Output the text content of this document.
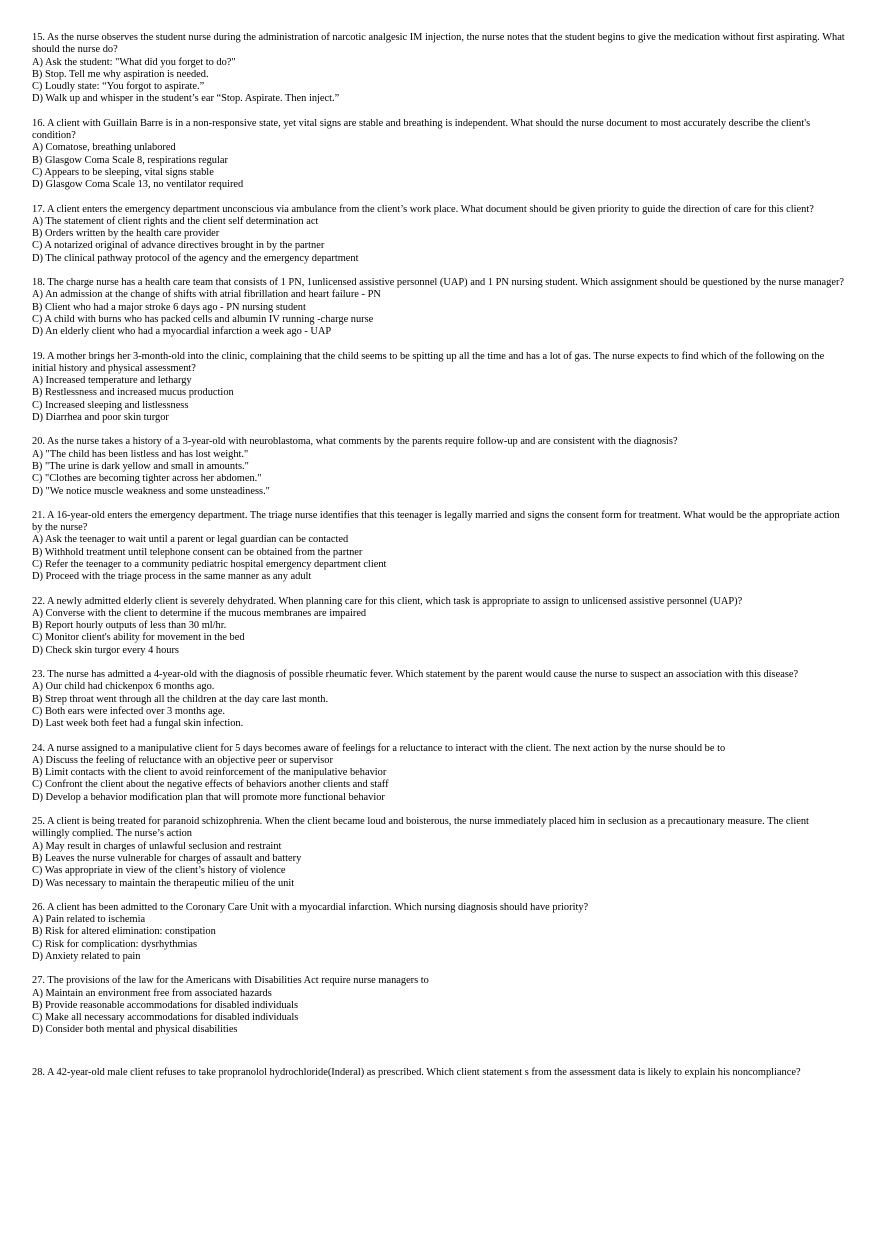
15. As the nurse observes the student nurse during the administration of narcotic analgesic IM injection, the nurse notes that the student begins to give the medication without first aspirating. What should the nurse do?

A) Ask the student: "What did you forget to do?"

B) Stop. Tell me why aspiration is needed.

C) Loudly state: “You forgot to aspirate.”

D) Walk up and whisper in the student’s ear “Stop. Aspirate. Then inject.”

16. A client with Guillain Barre is in a non-responsive state, yet vital signs are stable and breathing is independent. What should the nurse document to most accurately describe the client's condition?

A) Comatose, breathing unlabored

B) Glasgow Coma Scale 8, respirations regular

C) Appears to be sleeping, vital signs stable

D) Glasgow Coma Scale 13, no ventilator required

17. A client enters the emergency department unconscious via ambulance from the client’s work place. What document should be given priority to guide the direction of care for this client?

A) The statement of client rights and the client self determination act

B) Orders written by the health care provider

C) A notarized original of advance directives brought in by the partner

D) The clinical pathway protocol of the agency and the emergency department

18. The charge nurse has a health care team that consists of 1 PN, 1unlicensed assistive personnel (UAP) and 1 PN nursing student. Which assignment should be questioned by the nurse manager?

A) An admission at the change of shifts with atrial fibrillation and heart failure - PN

B) Client who had a major stroke 6 days ago - PN nursing student

C) A child with burns who has packed cells and albumin IV running -charge nurse

D) An elderly client who had a myocardial infarction a week ago - UAP

19. A mother brings her 3-month-old into the clinic, complaining that the child seems to be spitting up all the time and has a lot of gas. The nurse expects to find which of the following on the initial history and physical assessment?

A) Increased temperature and lethargy

B) Restlessness and increased mucus production

C) Increased sleeping and listlessness

D) Diarrhea and poor skin turgor

20. As the nurse takes a history of a 3-year-old with neuroblastoma, what comments by the parents require follow-up and are consistent with the diagnosis?

A) "The child has been listless and has lost weight."

B) "The urine is dark yellow and small in amounts."

C) "Clothes are becoming tighter across her abdomen."

D) "We notice muscle weakness and some unsteadiness."

21. A 16-year-old enters the emergency department. The triage nurse identifies that this teenager is legally married and signs the consent form for treatment. What would be the appropriate action by the nurse?

A) Ask the teenager to wait until a parent or legal guardian can be contacted

B) Withhold treatment until telephone consent can be obtained from the partner

C) Refer the teenager to a community pediatric hospital emergency department client

D) Proceed with the triage process in the same manner as any adult

22. A newly admitted elderly client is severely dehydrated. When planning care for this client, which task is appropriate to assign to unlicensed assistive personnel (UAP)?

A) Converse with the client to determine if the mucous membranes are impaired

B) Report hourly outputs of less than 30 ml/hr.

C) Monitor client's ability for movement in the bed

D) Check skin turgor every 4 hours

23. The nurse has admitted a 4-year-old with the diagnosis of possible rheumatic fever. Which statement by the parent would cause the nurse to suspect an association with this disease?

A) Our child had chickenpox 6 months ago.

B) Strep throat went through all the children at the day care last month.

C) Both ears were infected over 3 months age.

D) Last week both feet had a fungal skin infection.

24. A nurse assigned to a manipulative client for 5 days becomes aware of feelings for a reluctance to interact with the client. The next action by the nurse should be to

A) Discuss the feeling of reluctance with an objective peer or supervisor

B) Limit contacts with the client to avoid reinforcement of the manipulative behavior

C) Confront the client about the negative effects of behaviors another clients and staff

D) Develop a behavior modification plan that will promote more functional behavior

25. A client is being treated for paranoid schizophrenia. When the client became loud and boisterous, the nurse immediately placed him in seclusion as a precautionary measure. The client willingly complied. The nurse’s action

A) May result in charges of unlawful seclusion and restraint

B) Leaves the nurse vulnerable for charges of assault and battery

C) Was appropriate in view of the client’s history of violence

D) Was necessary to maintain the therapeutic milieu of the unit

26. A client has been admitted to the Coronary Care Unit with a myocardial infarction. Which nursing diagnosis should have priority?

A) Pain related to ischemia

B) Risk for altered elimination: constipation

C) Risk for complication: dysrhythmias

D) Anxiety related to pain

27. The provisions of the law for the Americans with Disabilities Act require nurse managers to

A) Maintain an environment free from associated hazards

B) Provide reasonable accommodations for disabled individuals

C) Make all necessary accommodations for disabled individuals

D) Consider both mental and physical disabilities

28. A 42-year-old male client refuses to take propranolol hydrochloride(Inderal) as prescribed. Which client statement s from the assessment data is likely to explain his noncompliance?
